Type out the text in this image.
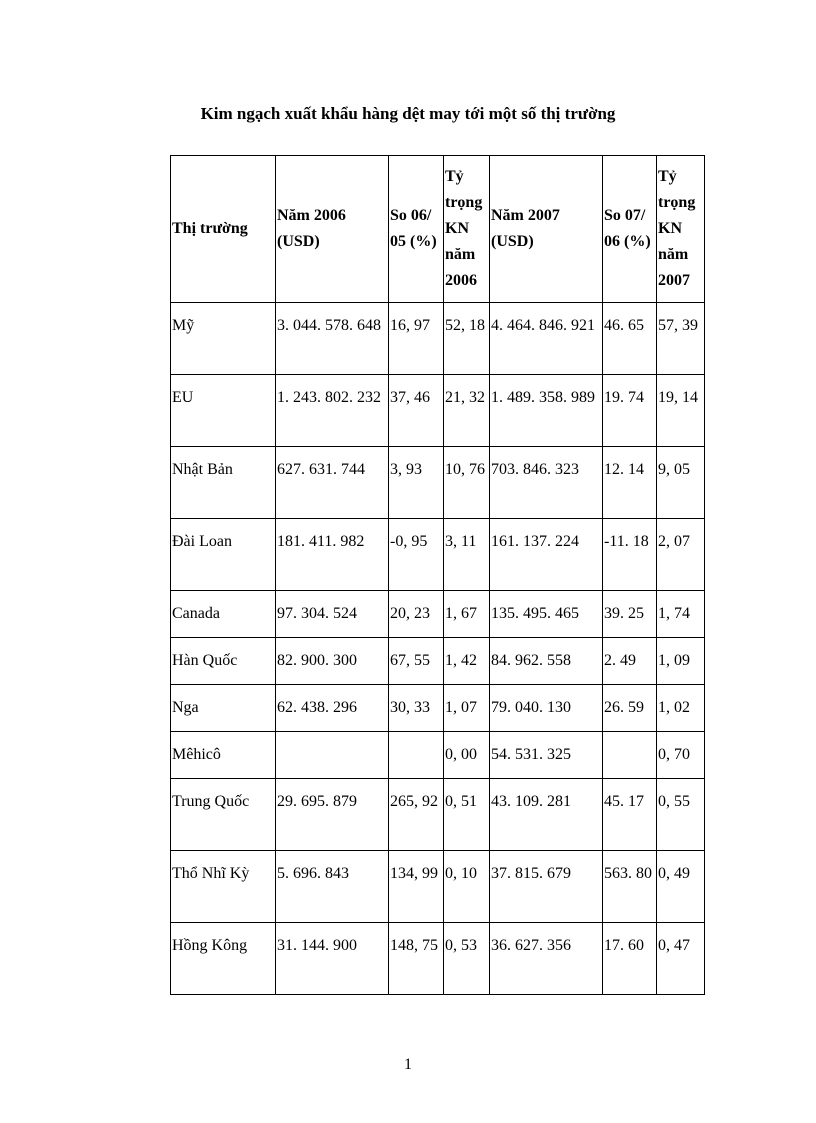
Kim ngạch xuất khẩu hàng dệt may tới một số thị trường
Thị trường	Năm 2006 (USD)	So 06/ 05 (%)	Tỷ trọng KN năm 2006	Năm 2007 (USD)	So 07/ 06 (%)	Tỷ trọng KN năm 2007
Mỹ	3. 044. 578. 648	16, 97	52, 18	4. 464. 846. 921	46. 65	57, 39
EU	1. 243. 802. 232	37, 46	21, 32	1. 489. 358. 989	19. 74	19, 14
Nhật Bản	627. 631. 744	3, 93	10, 76	703. 846. 323	12. 14	9, 05
Đài Loan	181. 411. 982	-0, 95	3, 11	161. 137. 224	-11. 18	2, 07
Canada	97. 304. 524	20, 23	1, 67	135. 495. 465	39. 25	1, 74
Hàn Quốc	82. 900. 300	67, 55	1, 42	84. 962. 558	2. 49	1, 09
Nga	62. 438. 296	30, 33	1, 07	79. 040. 130	26. 59	1, 02
Mêhicô			0, 00	54. 531. 325		0, 70
Trung Quốc	29. 695. 879	265, 92	0, 51	43. 109. 281	45. 17	0, 55
Thổ Nhĩ Kỳ	5. 696. 843	134, 99	0, 10	37. 815. 679	563. 80	0, 49
Hồng Kông	31. 144. 900	148, 75	0, 53	36. 627. 356	17. 60	0, 47
1
